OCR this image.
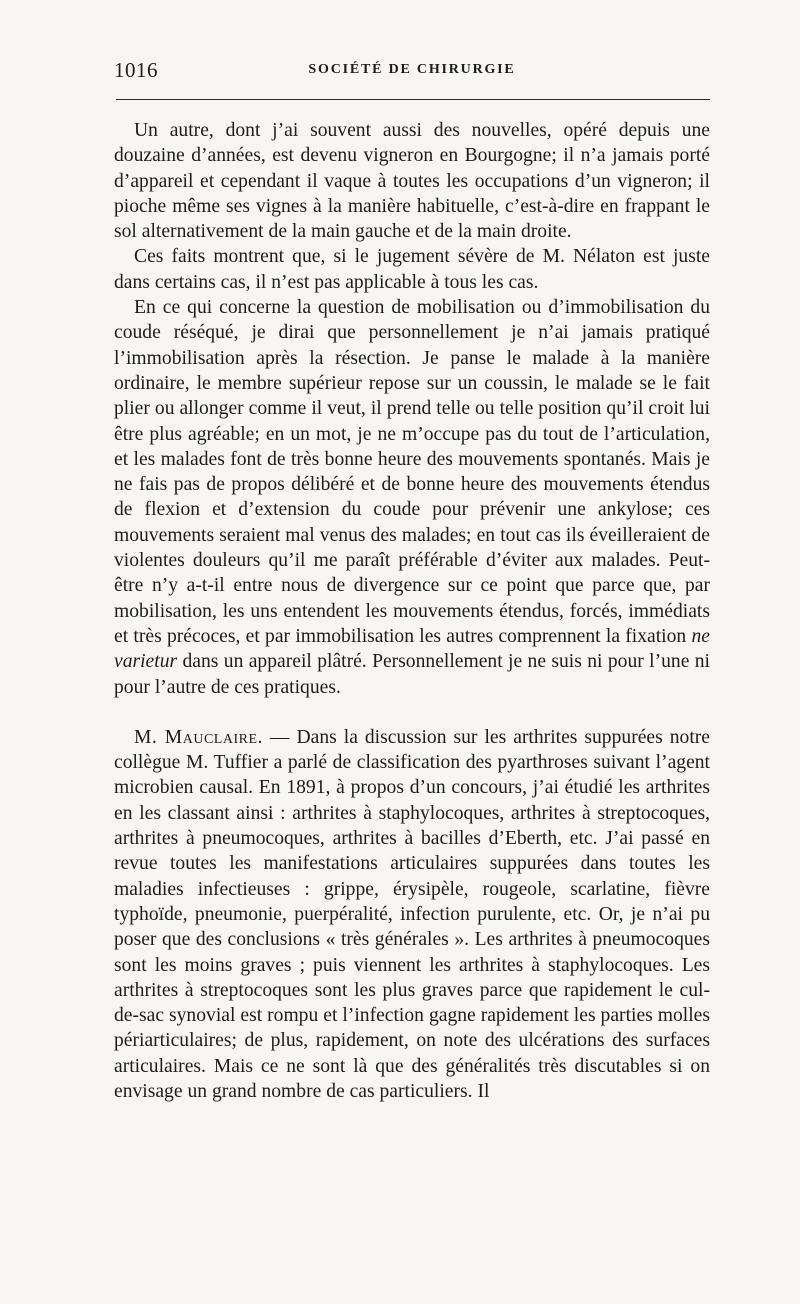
1016	SOCIÉTÉ DE CHIRURGIE

Un autre, dont j’ai souvent aussi des nouvelles, opéré depuis une douzaine d’années, est devenu vigneron en Bourgogne; il n’a jamais porté d’appareil et cependant il vaque à toutes les occupations d’un vigneron; il pioche même ses vignes à la manière habituelle, c’est-à-dire en frappant le sol alternativement de la main gauche et de la main droite.

Ces faits montrent que, si le jugement sévère de M. Nélaton est juste dans certains cas, il n’est pas applicable à tous les cas.

En ce qui concerne la question de mobilisation ou d’immobilisation du coude réséqué, je dirai que personnellement je n’ai jamais pratiqué l’immobilisation après la résection. Je panse le malade à la manière ordinaire, le membre supérieur repose sur un coussin, le malade se le fait plier ou allonger comme il veut, il prend telle ou telle position qu’il croit lui être plus agréable; en un mot, je ne m’occupe pas du tout de l’articulation, et les malades font de très bonne heure des mouvements spontanés. Mais je ne fais pas de propos délibéré et de bonne heure des mouvements étendus de flexion et d’extension du coude pour prévenir une ankylose; ces mouvements seraient mal venus des malades; en tout cas ils éveilleraient de violentes douleurs qu’il me paraît préférable d’éviter aux malades. Peut-être n’y a-t-il entre nous de divergence sur ce point que parce que, par mobilisation, les uns entendent les mouvements étendus, forcés, immédiats et très précoces, et par immobilisation les autres comprennent la fixation ne varietur dans un appareil plâtré. Personnellement je ne suis ni pour l’une ni pour l’autre de ces pratiques.

M. Mauclaire. — Dans la discussion sur les arthrites suppurées notre collègue M. Tuffier a parlé de classification des pyarthroses suivant l’agent microbien causal. En 1891, à propos d’un concours, j’ai étudié les arthrites en les classant ainsi : arthrites à staphylocoques, arthrites à streptocoques, arthrites à pneumocoques, arthrites à bacilles d’Eberth, etc. J’ai passé en revue toutes les manifestations articulaires suppurées dans toutes les maladies infectieuses : grippe, érysipèle, rougeole, scarlatine, fièvre typhoïde, pneumonie, puerpéralité, infection purulente, etc. Or, je n’ai pu poser que des conclusions « très générales ». Les arthrites à pneumocoques sont les moins graves ; puis viennent les arthrites à staphylocoques. Les arthrites à streptocoques sont les plus graves parce que rapidement le cul-de-sac synovial est rompu et l’infection gagne rapidement les parties molles périarticulaires; de plus, rapidement, on note des ulcérations des surfaces articulaires. Mais ce ne sont là que des généralités très discutables si on envisage un grand nombre de cas particuliers. Il
